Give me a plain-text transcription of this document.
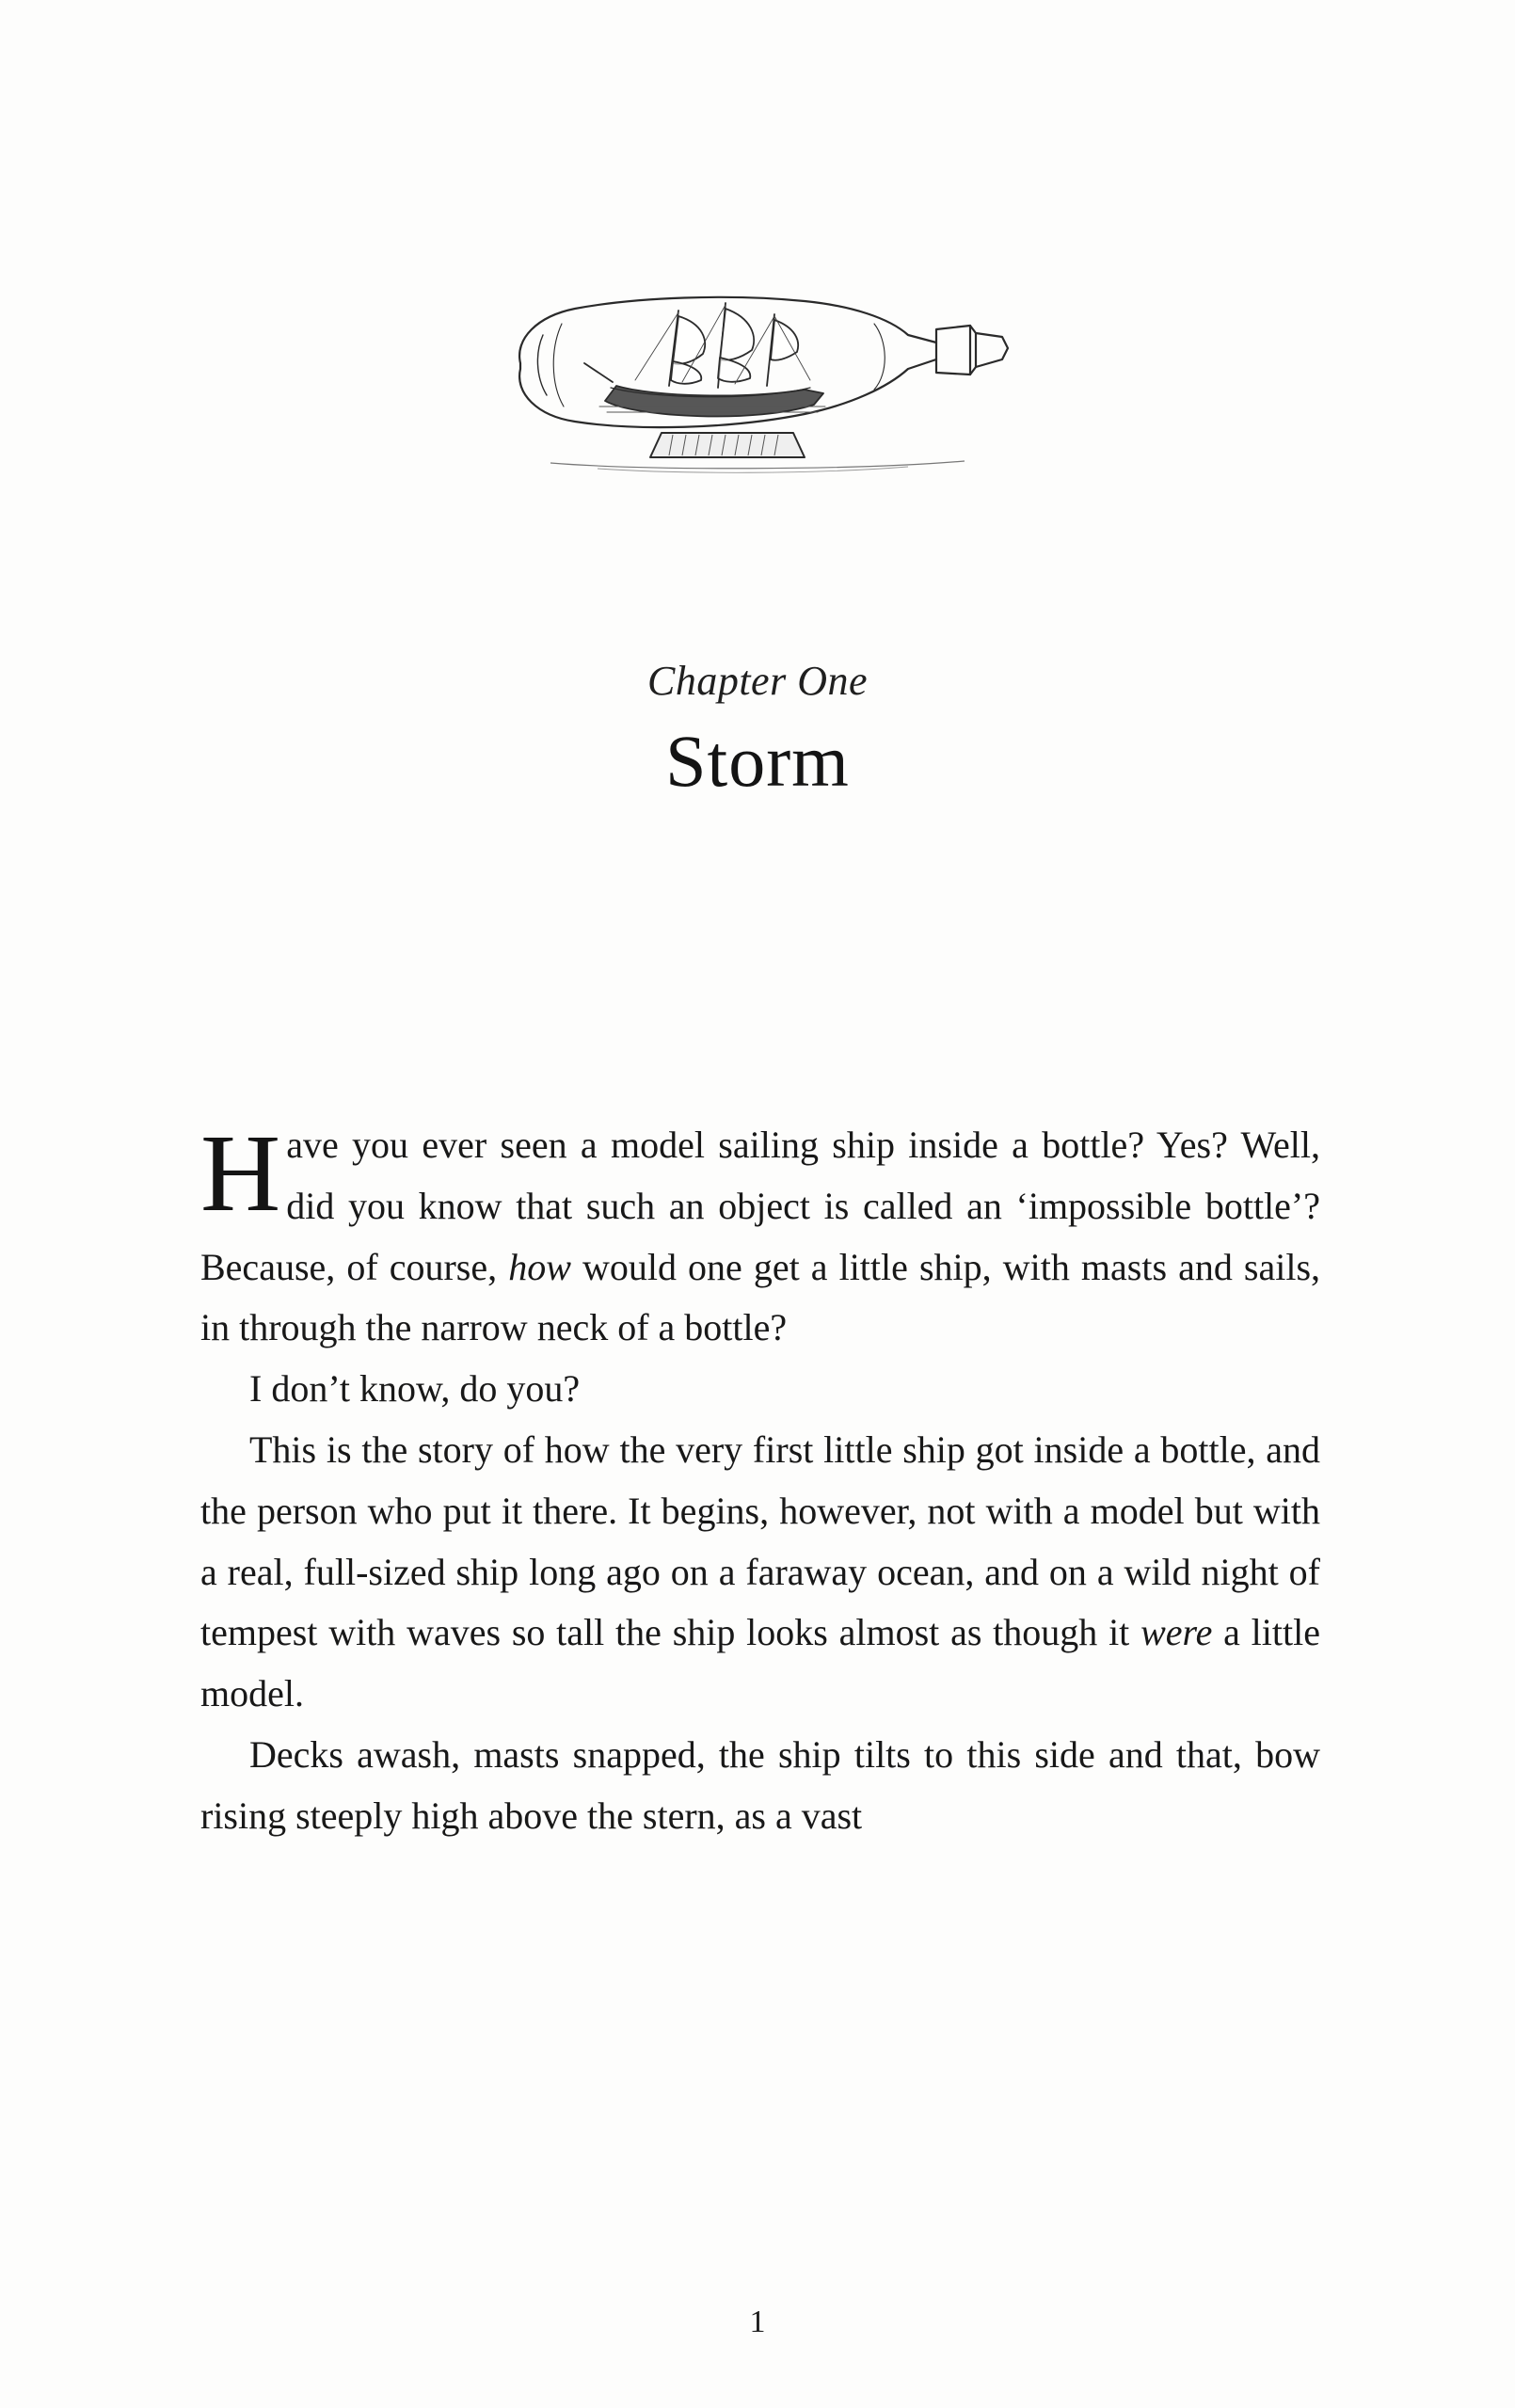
Chapter One
Storm

Have you ever seen a model sailing ship inside a bottle? Yes? Well, did you know that such an object is called an ‘impossible bottle’? Because, of course, how would one get a little ship, with masts and sails, in through the narrow neck of a bottle?

I don’t know, do you?

This is the story of how the very first little ship got inside a bottle, and the person who put it there. It begins, however, not with a model but with a real, full-sized ship long ago on a faraway ocean, and on a wild night of tempest with waves so tall the ship looks almost as though it were a little model.

Decks awash, masts snapped, the ship tilts to this side and that, bow rising steeply high above the stern, as a vast

1
